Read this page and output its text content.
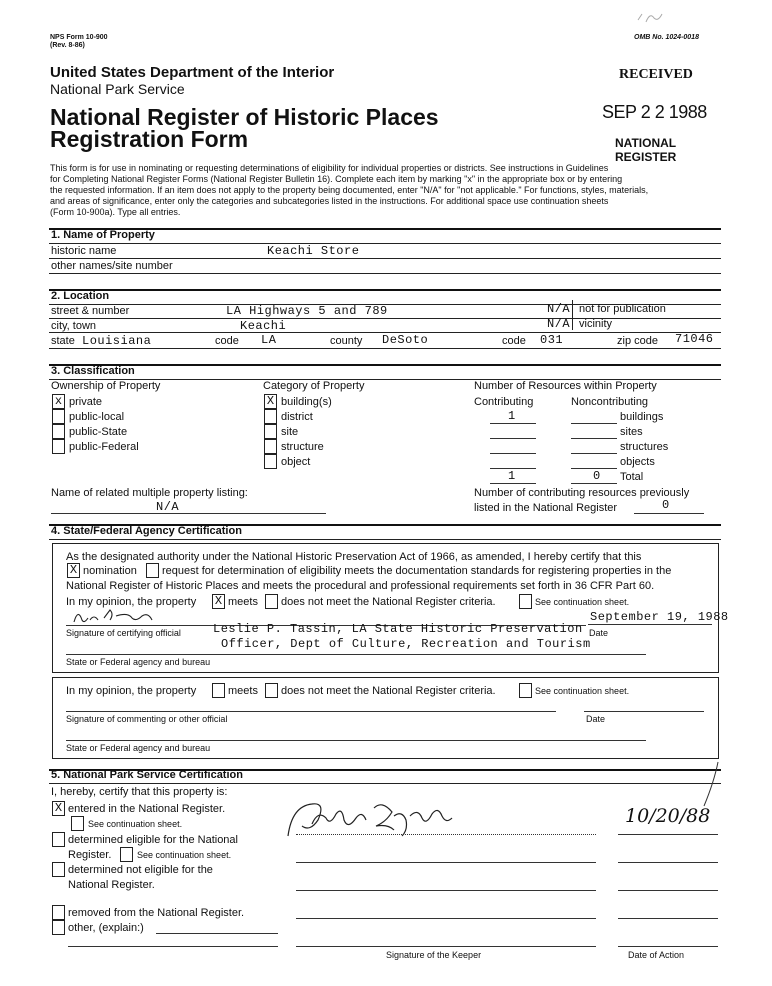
NPS Form 10-900
(Rev. 8-86)
OMB No. 1024-0018
United States Department of the Interior
National Park Service
National Register of Historic Places
Registration Form
RECEIVED
SEP 2 2 1988
NATIONAL
REGISTER
This form is for use in nominating or requesting determinations of eligibility for individual properties or districts. See instructions in Guidelines
for Completing National Register Forms (National Register Bulletin 16). Complete each item by marking "x" in the appropriate box or by entering
the requested information. If an item does not apply to the property being documented, enter "N/A" for "not applicable." For functions, styles, materials,
and areas of significance, enter only the categories and subcategories listed in the instructions. For additional space use continuation sheets
(Form 10-900a). Type all entries.
1. Name of Property
historic name	Keachi Store
other names/site number
2. Location
street & number	LA Highways 5 and 789	N/A not for publication
city, town	Keachi	N/A vicinity
state Louisiana	code LA	county DeSoto	code 031	zip code 71046
3. Classification
Ownership of Property
x private
public-local
public-State
public-Federal
Category of Property
X building(s)
district
site
structure
object
Number of Resources within Property
Contributing	Noncontributing
1	buildings
sites
structures
objects
1	0 Total
Name of related multiple property listing:
N/A
Number of contributing resources previously
listed in the National Register	0
4. State/Federal Agency Certification
As the designated authority under the National Historic Preservation Act of 1966, as amended, I hereby certify that this
X nomination request for determination of eligibility meets the documentation standards for registering properties in the
National Register of Historic Places and meets the procedural and professional requirements set forth in 36 CFR Part 60.
In my opinion, the property X meets does not meet the National Register criteria.	See continuation sheet.
September 19, 1988
Signature of certifying official	Leslie P. Tassin, LA State Historic Preservation
Officer, Dept of Culture, Recreation and Tourism
Date
State or Federal agency and bureau
In my opinion, the property	meets does not meet the National Register criteria.	See continuation sheet.
Signature of commenting or other official	Date
State or Federal agency and bureau
5. National Park Service Certification
I, hereby, certify that this property is:
X entered in the National Register.
See continuation sheet.
determined eligible for the National
Register.	See continuation sheet.
determined not eligible for the
National Register.
removed from the National Register.
other, (explain:)
10/20/88
Signature of the Keeper	Date of Action
